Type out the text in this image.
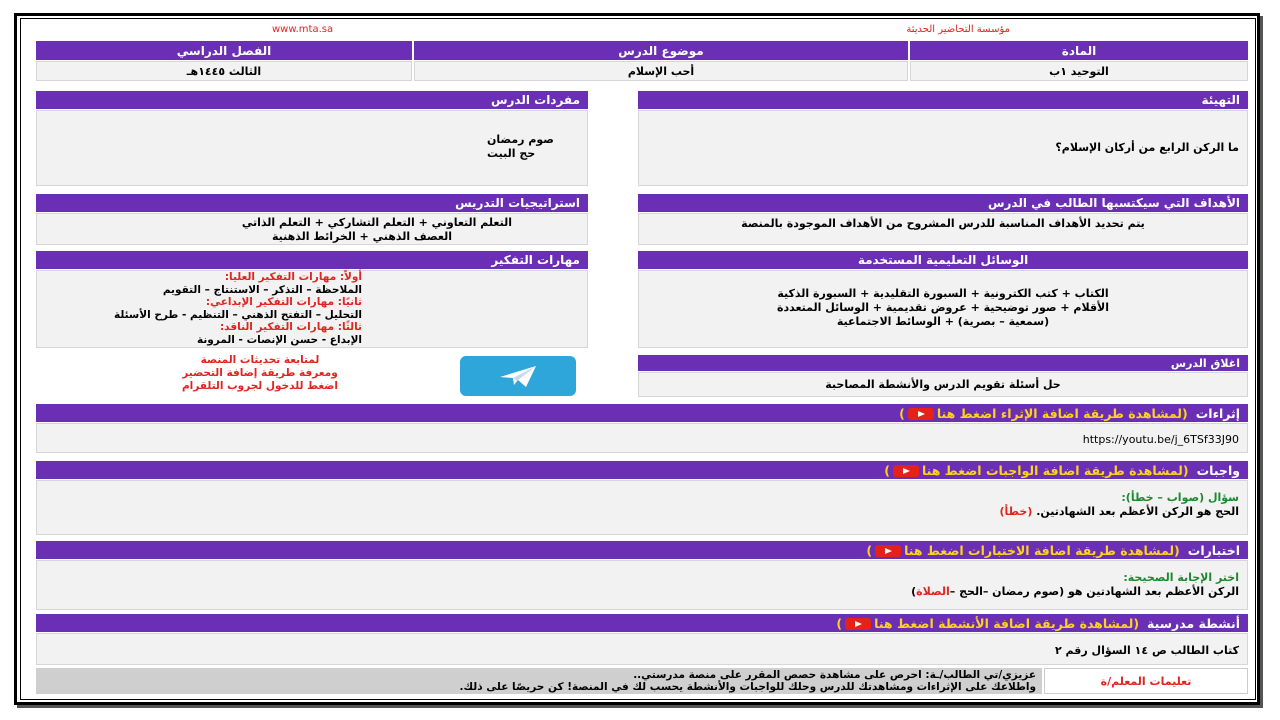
www.mta.sa	مؤسسة التحاضير الحديثة
المادة
موضوع الدرس
الفصل الدراسي
التوحيد ١ب
أحب الإسلام
الثالث ١٤٤٥هـ
التهيئة
ما الركن الرابع من أركان الإسلام؟
الأهداف التي سيكتسبها الطالب في الدرس
يتم تحديد الأهداف المناسبة للدرس المشروح من الأهداف الموجودة بالمنصة
الوسائل التعليمية المستخدمة
الكتاب + كتب الكترونية + السبورة التقليدية + السبورة الذكية
الأقلام + صور توضيحية + عروض تقديمية + الوسائل المتعددة
(سمعية – بصرية) + الوسائط الاجتماعية
اغلاق الدرس
حل أسئلة تقويم الدرس والأنشطة المصاحبة
مفردات الدرس
صوم رمضان
حج البيت
استراتيجيات التدريس
التعلم التعاوني + التعلم التشاركي + التعلم الذاتي
العصف الذهني + الخرائط الذهنية
مهارات التفكير
أولاً: مهارات التفكير العليا:
الملاحظة – التذكر – الاستنتاج – التقويم
ثانيًا: مهارات التفكير الإبداعي:
التحليل – التفتح الذهني – التنظيم - طرح الأسئلة
ثالثًا: مهارات التفكير الناقد:
الإبداع - حسن الإنصات - المرونة
لمتابعة تحديثات المنصة
ومعرفة طريقة إضافة التحضير
اضغط للدخول لجروب التلقرام
إثراءات
(لمشاهدة طريقة اضافة الإثراء اضغط هنا)
https://youtu.be/j_6TSf33J90
واجبات
(لمشاهدة طريقة اضافة الواجبات اضغط هنا)
سؤال (صواب – خطأ):
الحج هو الركن الأعظم بعد الشهادتين. (خطأ)
اختبارات
(لمشاهدة طريقة اضافة الاختبارات اضغط هنا)
اختر الإجابة الصحيحة:
الركن الأعظم بعد الشهادتين هو (صوم رمضان –الحج –الصلاة)
أنشطة مدرسية
(لمشاهدة طريقة اضافة الأنشطة اضغط هنا)
كتاب الطالب ص ١٤ السؤال رقم ٢
تعليمات المعلم/ة
عزيزي/تي الطالب/ـة: احرص على مشاهدة حصص المقرر على منصة مدرستي..
واطلاعك على الإثراءات ومشاهدتك للدرس وحلك للواجبات والأنشطة يحسب لك في المنصة! كن حريصًا على ذلك.
